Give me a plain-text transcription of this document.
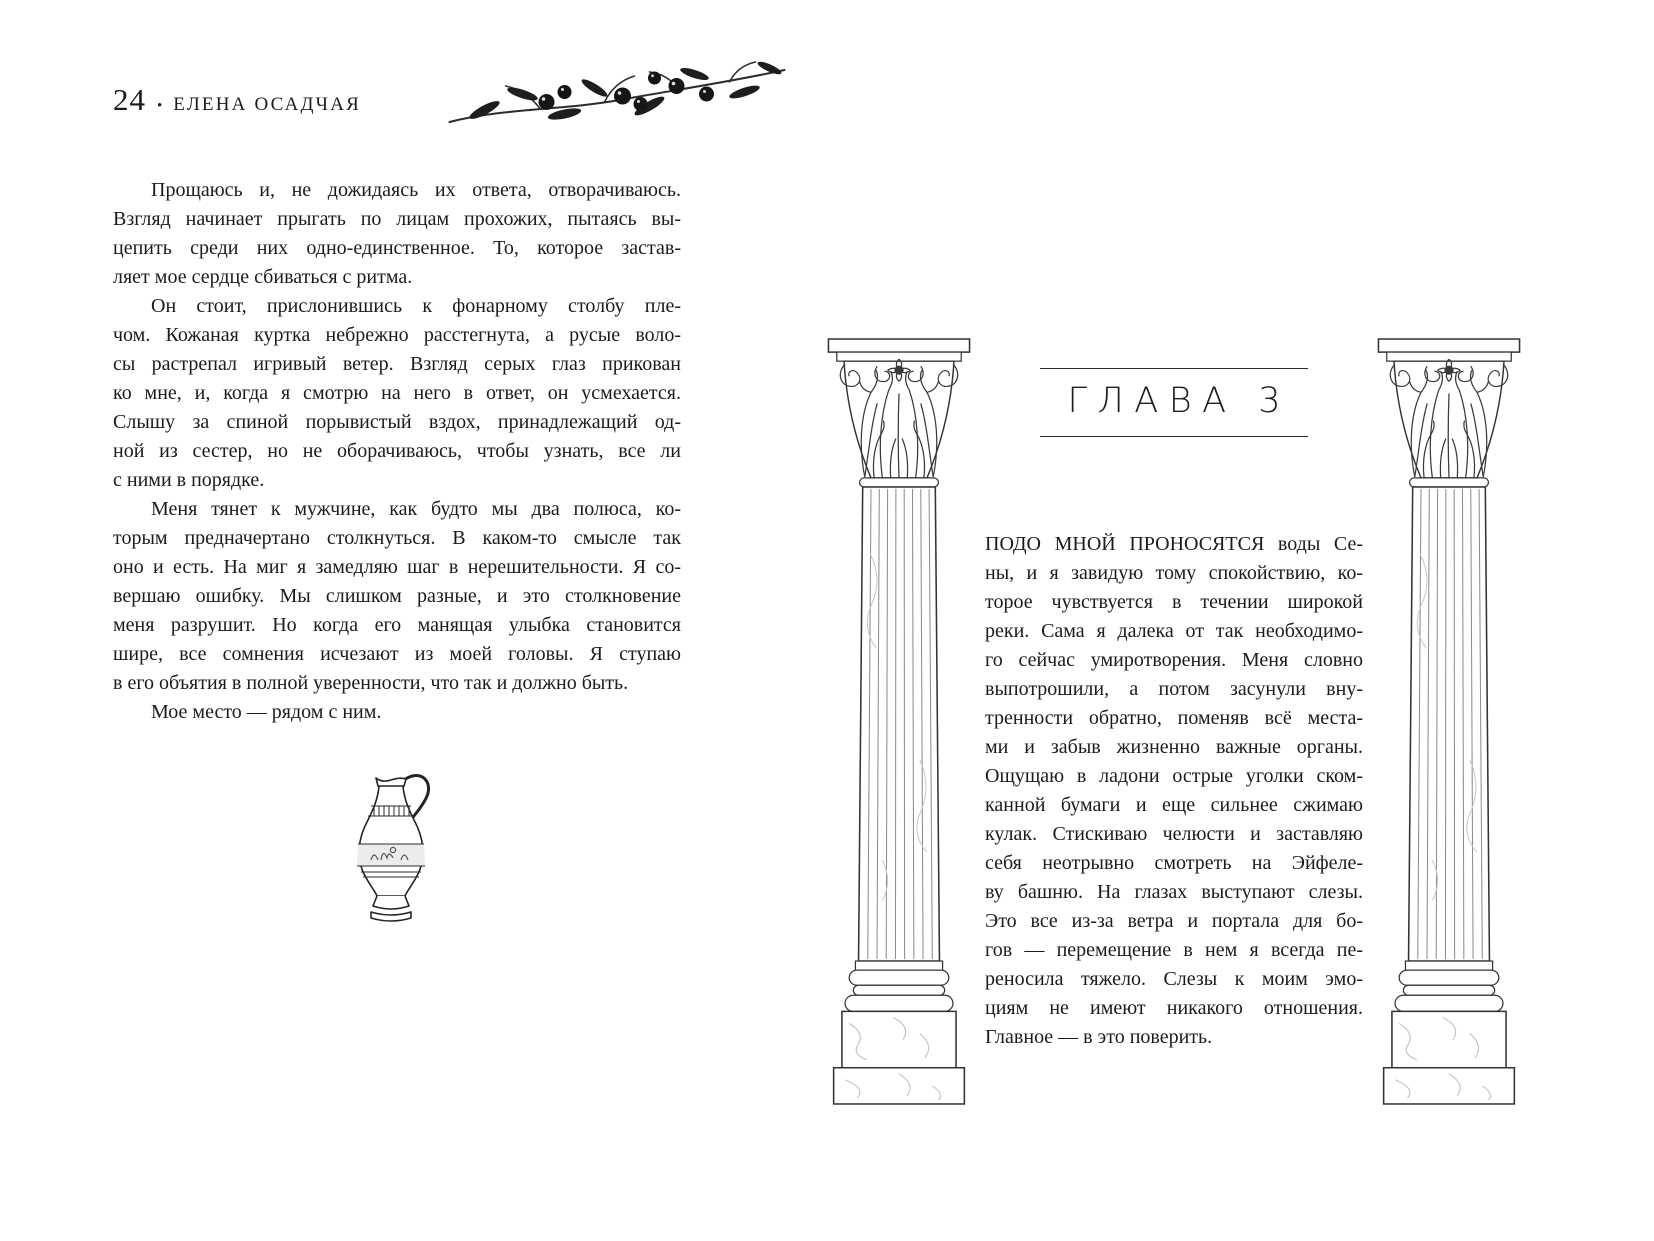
24 • ЕЛЕНА ОСАДЧАЯ

Прощаюсь и, не дожидаясь их ответа, отворачиваюсь.
Взгляд начинает прыгать по лицам прохожих, пытаясь вы-
цепить среди них одно-единственное. То, которое застав-
ляет мое сердце сбиваться с ритма.

Он стоит, прислонившись к фонарному столбу пле-
чом. Кожаная куртка небрежно расстегнута, а русые воло-
сы растрепал игривый ветер. Взгляд серых глаз прикован
ко мне, и, когда я смотрю на него в ответ, он усмехается.
Слышу за спиной порывистый вздох, принадлежащий од-
ной из сестер, но не оборачиваюсь, чтобы узнать, все ли
с ними в порядке.

Меня тянет к мужчине, как будто мы два полюса, ко-
торым предначертано столкнуться. В каком-то смысле так
оно и есть. На миг я замедляю шаг в нерешительности. Я со-
вершаю ошибку. Мы слишком разные, и это столкновение
меня разрушит. Но когда его манящая улыбка становится
шире, все сомнения исчезают из моей головы. Я ступаю
в его объятия в полной уверенности, что так и должно быть.

Мое место — рядом с ним.

ГЛАВА 3

ПОДО МНОЙ ПРОНОСЯТСЯ воды Се-
ны, и я завидую тому спокойствию, ко-
торое чувствуется в течении широкой
реки. Сама я далека от так необходимо-
го сейчас умиротворения. Меня словно
выпотрошили, а потом засунули вну-
тренности обратно, поменяв всё места-
ми и забыв жизненно важные органы.
Ощущаю в ладони острые уголки ском-
канной бумаги и еще сильнее сжимаю
кулак. Стискиваю челюсти и заставляю
себя неотрывно смотреть на Эйфеле-
ву башню. На глазах выступают слезы.
Это все из-за ветра и портала для бо-
гов — перемещение в нем я всегда пе-
реносила тяжело. Слезы к моим эмо-
циям не имеют никакого отношения.
Главное — в это поверить.
